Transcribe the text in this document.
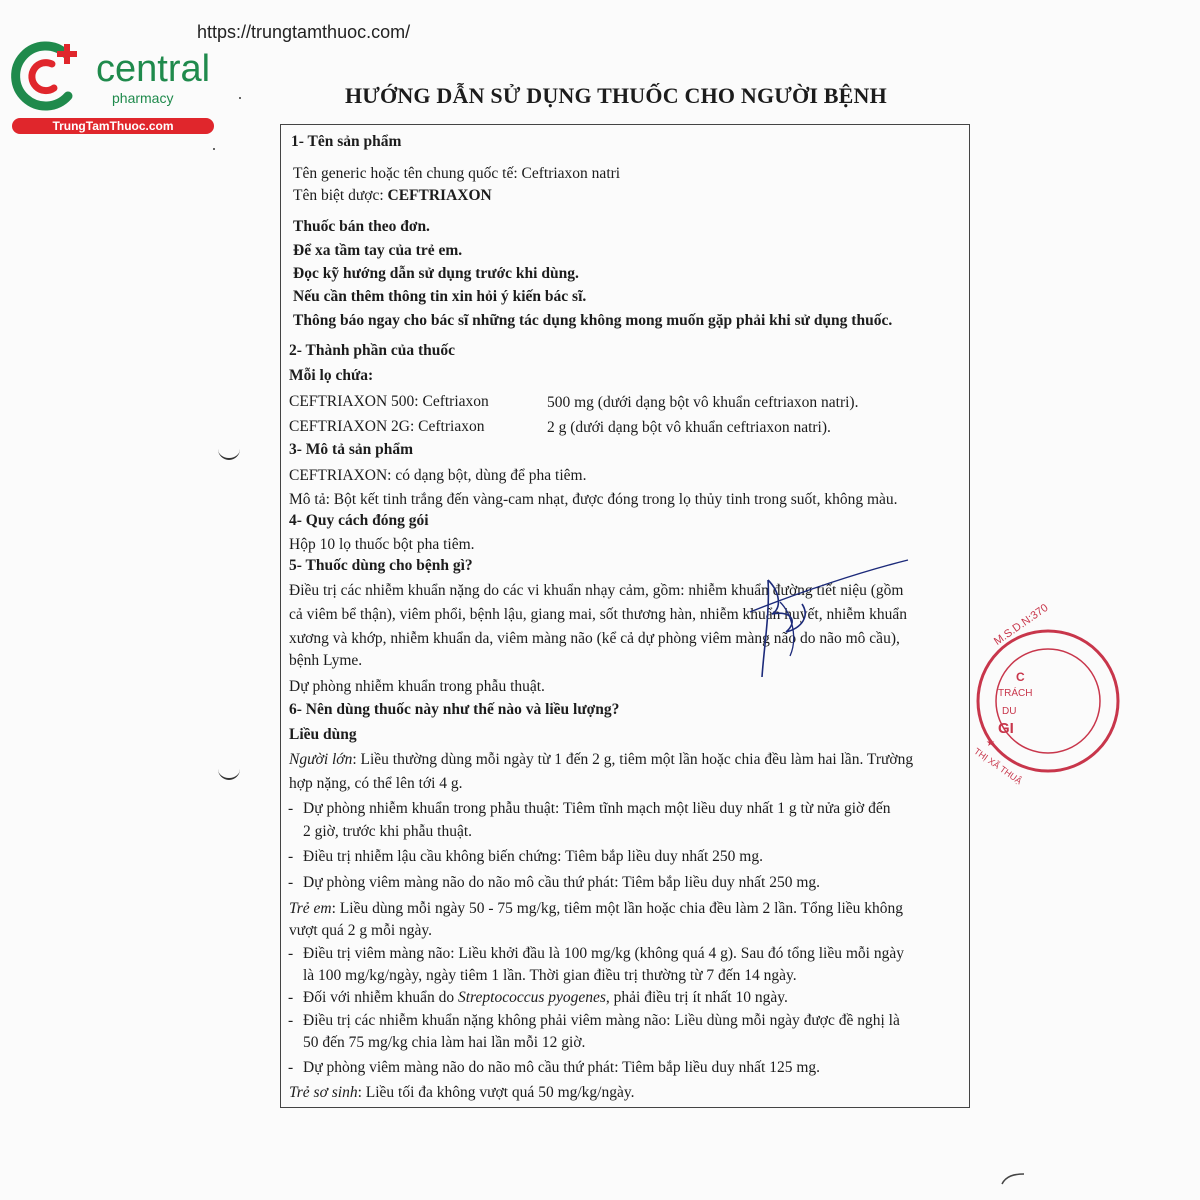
https://trungtamthuoc.com/
central
pharmacy
TrungTamThuoc.com
HƯỚNG DẪN SỬ DỤNG THUỐC CHO NGƯỜI BỆNH
1- Tên sản phẩm
Tên generic hoặc tên chung quốc tế: Ceftriaxon natri
Tên biệt dược: CEFTRIAXON
Thuốc bán theo đơn.
Để xa tầm tay của trẻ em.
Đọc kỹ hướng dẫn sử dụng trước khi dùng.
Nếu cần thêm thông tin xin hỏi ý kiến bác sĩ.
Thông báo ngay cho bác sĩ những tác dụng không mong muốn gặp phải khi sử dụng thuốc.
2- Thành phần của thuốc
Mỗi lọ chứa:
CEFTRIAXON 500: Ceftriaxon	500 mg (dưới dạng bột vô khuẩn ceftriaxon natri).
CEFTRIAXON 2G: Ceftriaxon	2 g (dưới dạng bột vô khuẩn ceftriaxon natri).
3- Mô tả sản phẩm
CEFTRIAXON: có dạng bột, dùng để pha tiêm.
Mô tả: Bột kết tinh trắng đến vàng-cam nhạt, được đóng trong lọ thủy tinh trong suốt, không màu.
4- Quy cách đóng gói
Hộp 10 lọ thuốc bột pha tiêm.
5- Thuốc dùng cho bệnh gì?
Điều trị các nhiễm khuẩn nặng do các vi khuẩn nhạy cảm, gồm: nhiễm khuẩn đường tiết niệu (gồm
cả viêm bể thận), viêm phổi, bệnh lậu, giang mai, sốt thương hàn, nhiễm khuẩn huyết, nhiễm khuẩn
xương và khớp, nhiễm khuẩn da, viêm màng não (kể cả dự phòng viêm màng não do não mô cầu),
bệnh Lyme.
Dự phòng nhiễm khuẩn trong phẫu thuật.
6- Nên dùng thuốc này như thế nào và liều lượng?
Liều dùng
Người lớn: Liều thường dùng mỗi ngày từ 1 đến 2 g, tiêm một lần hoặc chia đều làm hai lần. Trường
hợp nặng, có thể lên tới 4 g.
- Dự phòng nhiễm khuẩn trong phẫu thuật: Tiêm tĩnh mạch một liều duy nhất 1 g từ nửa giờ đến
2 giờ, trước khi phẫu thuật.
- Điều trị nhiễm lậu cầu không biến chứng: Tiêm bắp liều duy nhất 250 mg.
- Dự phòng viêm màng não do não mô cầu thứ phát: Tiêm bắp liều duy nhất 250 mg.
Trẻ em: Liều dùng mỗi ngày 50 - 75 mg/kg, tiêm một lần hoặc chia đều làm 2 lần. Tổng liều không
vượt quá 2 g mỗi ngày.
- Điều trị viêm màng não: Liều khởi đầu là 100 mg/kg (không quá 4 g). Sau đó tổng liều mỗi ngày
là 100 mg/kg/ngày, ngày tiêm 1 lần. Thời gian điều trị thường từ 7 đến 14 ngày.
- Đối với nhiễm khuẩn do Streptococcus pyogenes, phải điều trị ít nhất 10 ngày.
- Điều trị các nhiễm khuẩn nặng không phải viêm màng não: Liều dùng mỗi ngày được đề nghị là
50 đến 75 mg/kg chia làm hai lần mỗi 12 giờ.
- Dự phòng viêm màng não do não mô cầu thứ phát: Tiêm bắp liều duy nhất 125 mg.
Trẻ sơ sinh: Liều tối đa không vượt quá 50 mg/kg/ngày.
★
M.S.D.N:370
C
TRÁCH
DU
GI
THỊ XÃ THUẬ
